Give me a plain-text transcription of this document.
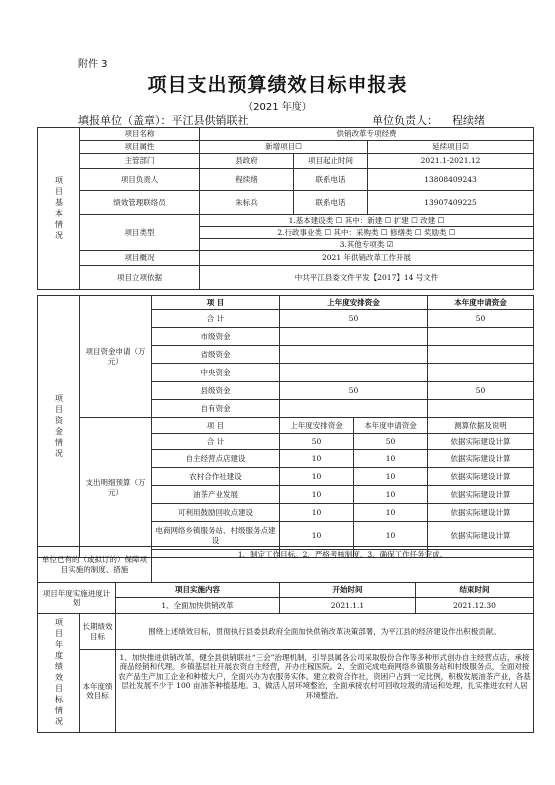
附件 3
项目支出预算绩效目标申报表
（2021 年度）
填报单位（盖章）：平江县供销联社	单位负责人： 程续绪
项目基本情况	项目名称	供销改革专项经费		
	项目属性	新增项目☐		延续项目☑
	主管部门	县政府	项目起止时间	2021.1-2021.12
	项目负责人	程续绪	联系电话	13808409243
	绩效管理联络员	朱标兵	联系电话	13907409225
	项目类型	1.基本建设类 ☐ 其中：新建 ☐ 扩建 ☐ 改建 ☐		
		2.行政事业类 ☐ 其中：采购类 ☐ 修缮类 ☐ 奖励类 ☐		
		3.其他专项类 ☑		
	项目概况	2021 年供销改革工作开展		
	项目立项依据	中共平江县委文件平发【2017】14 号文件		
项目资金情况	项目资金申请（万元）	项 目	上年度安排资金		本年度申请资金
		合 计	50		50
		市级资金			
		省级资金			
		中央资金			
		县级资金	50		50
		自有资金			
	支出明细预算（万元）	项 目	上年度安排资金	本年度申请资金	测算依据及说明
		合 计	50	50	依据实际建设计算
		自主经营点店建设	10	10	依据实际建设计算
		农村合作社建设	10	10	依据实际建设计算
		油茶产业发展	10	10	依据实际建设计算
		可利用鼓励回收点建设	10	10	依据实际建设计算
		电商网络乡镇服务站、村级服务点建设	10	10	依据实际建设计算

单位已有的（或拟订的）保障项目实施的制度、措施	1、制定工作目标。2、严格考核制度。3、确保工作任务完成。
项目年度实施进度计划	项目实施内容	开始时间	结束时间
	1、全面加快供销改革	2021.1.1	2021.12.30
项目年度绩效目标情况	长期绩效目标	围绕上述绩效目标，贯彻执行县委县政府全面加快供销改革决策部署，为平江县的经济建设作出积极贡献。
	本年度绩效目标	1、加快推进供销改革，健全县供销联社“三会”治理机制，引导县属各公司采取股份合作等多种形式创办自主经营点店，承接商品经销和代理。乡镇基层社开展农资自主经营，开办庄稼医院。2、全面完成电商网络乡镇服务站和村级服务点，全面对接农产品生产加工企业和种植大户，全面兴办为农服务实体。建立救资合作社，资困户占到一定比例，积极发展油茶产业，各基层社发展不少于 100 亩油茶种植基地。3、做活人居环境整治，全面承接农村可回收垃圾的清运和处理，扎实推进农村人居环境整治。
